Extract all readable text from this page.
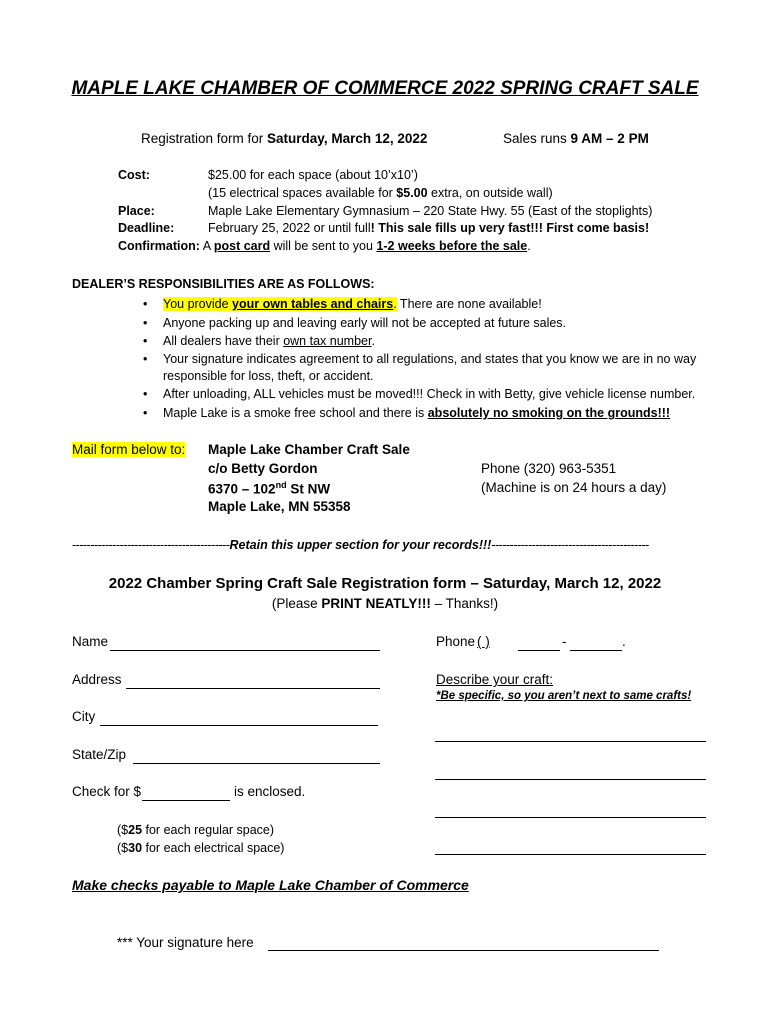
MAPLE LAKE CHAMBER OF COMMERCE 2022 SPRING CRAFT SALE
Registration form for Saturday, March 12, 2022	Sales runs 9 AM – 2 PM
Cost:	$25.00 for each space (about 10’x10’)
(15 electrical spaces available for $5.00 extra, on outside wall)
Place:	Maple Lake Elementary Gymnasium – 220 State Hwy. 55 (East of the stoplights)
Deadline:	February 25, 2022 or until full! This sale fills up very fast!!! First come basis!
Confirmation: A post card will be sent to you 1-2 weeks before the sale.
DEALER’S RESPONSIBILITIES ARE AS FOLLOWS:
• You provide your own tables and chairs. There are none available!
• Anyone packing up and leaving early will not be accepted at future sales.
• All dealers have their own tax number.
• Your signature indicates agreement to all regulations, and states that you know we are in no way
responsible for loss, theft, or accident.
• After unloading, ALL vehicles must be moved!!! Check in with Betty, give vehicle license number.
• Maple Lake is a smoke free school and there is absolutely no smoking on the grounds!!!
Mail form below to: Maple Lake Chamber Craft Sale
c/o Betty Gordon
6370 – 102nd St NW
Maple Lake, MN 55358
Phone (320) 963-5351
(Machine is on 24 hours a day)
-------------------------------------------Retain this upper section for your records!!!-------------------------------------------
2022 Chamber Spring Craft Sale Registration form – Saturday, March 12, 2022
(Please PRINT NEATLY!!! – Thanks!)
Name
Address
City
State/Zip
Check for $	is enclosed.
($25 for each regular space)
($30 for each electrical space)
Phone ( )	-	.
Describe your craft:
*Be specific, so you aren’t next to same crafts!
Make checks payable to Maple Lake Chamber of Commerce
*** Your signature here
